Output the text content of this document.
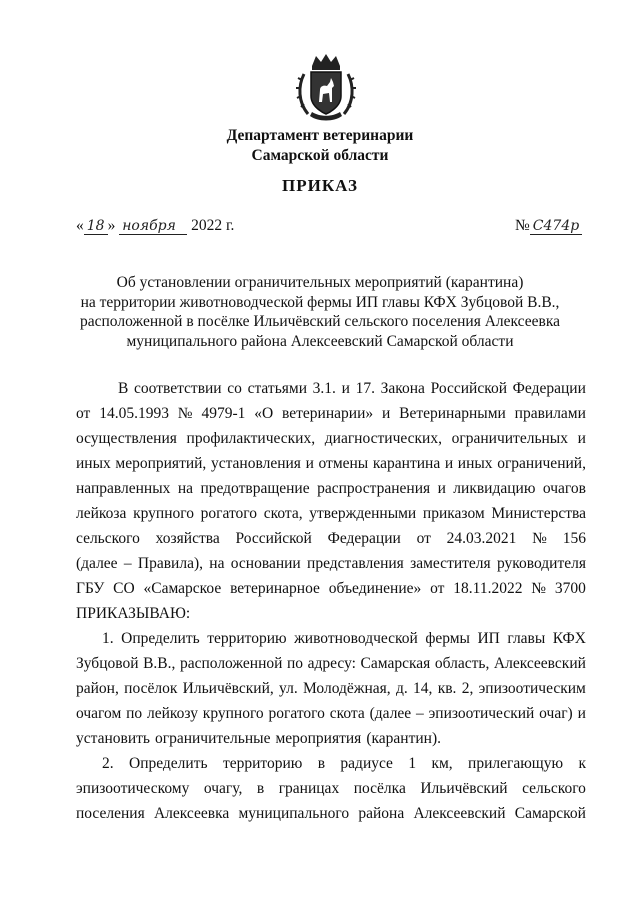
Департамент ветеринарии
Самарской области
ПРИКАЗ
« 18 » ноября 2022 г.	№ С474р
Об установлении ограничительных мероприятий (карантина)
на территории животноводческой фермы ИП главы КФХ Зубцовой В.В.,
расположенной в посёлке Ильичёвский сельского поселения Алексеевка
муниципального района Алексеевский Самарской области
В соответствии со статьями 3.1. и 17. Закона Российской Федерации
от 14.05.1993 № 4979-1 «О ветеринарии» и Ветеринарными правилами
осуществления профилактических, диагностических, ограничительных и
иных мероприятий, установления и отмены карантина и иных ограничений,
направленных на предотвращение распространения и ликвидацию очагов
лейкоза крупного рогатого скота, утвержденными приказом Министерства
сельского хозяйства Российской Федерации от 24.03.2021 № 156
(далее – Правила), на основании представления заместителя руководителя
ГБУ СО «Самарское ветеринарное объединение» от 18.11.2022 № 3700
ПРИКАЗЫВАЮ:
1. Определить территорию животноводческой фермы ИП главы КФХ
Зубцовой В.В., расположенной по адресу: Самарская область, Алексеевский
район, посёлок Ильичёвский, ул. Молодёжная, д. 14, кв. 2, эпизоотическим
очагом по лейкозу крупного рогатого скота (далее – эпизоотический очаг) и
установить ограничительные мероприятия (карантин).
2. Определить территорию в радиусе 1 км, прилегающую к
эпизоотическому очагу, в границах посёлка Ильичёвский сельского
поселения Алексеевка муниципального района Алексеевский Самарской
